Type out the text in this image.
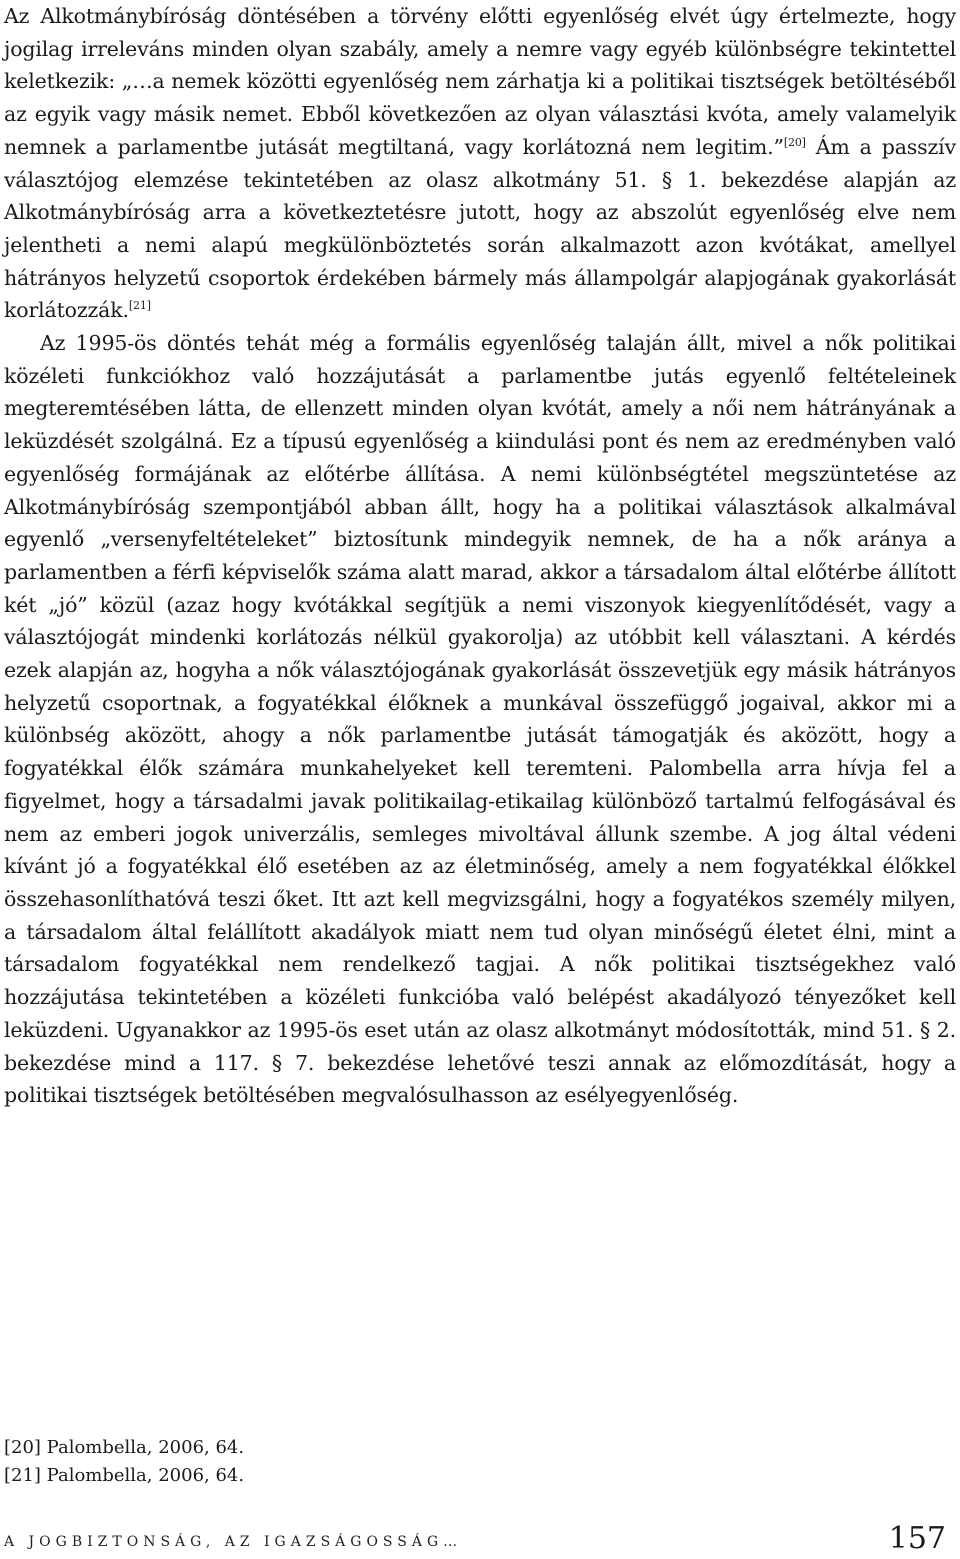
Az Alkotmánybíróság döntésében a törvény előtti egyenlőség elvét úgy értelmezte, hogy jogilag irreleváns minden olyan szabály, amely a nemre vagy egyéb különbségre tekintettel keletkezik: „…a nemek közötti egyenlőség nem zárhatja ki a politikai tisztségek betöltéséből az egyik vagy másik nemet. Ebből következően az olyan választási kvóta, amely valamelyik nemnek a parlamentbe jutását megtiltaná, vagy korlátozná nem legitim.”[20] Ám a passzív választójog elemzése tekintetében az olasz alkotmány 51. § 1. bekezdése alapján az Alkotmánybíróság arra a következtetésre jutott, hogy az abszolút egyenlőség elve nem jelentheti a nemi alapú megkülönböztetés során alkalmazott azon kvótákat, amellyel hátrányos helyzetű csoportok érdekében bármely más állampolgár alapjogának gyakorlását korlátozzák.[21]

Az 1995-ös döntés tehát még a formális egyenlőség talaján állt, mivel a nők politikai közéleti funkciókhoz való hozzájutását a parlamentbe jutás egyenlő feltételeinek megteremtésében látta, de ellenzett minden olyan kvótát, amely a női nem hátrányának a leküzdését szolgálná. Ez a típusú egyenlőség a kiindulási pont és nem az eredményben való egyenlőség formájának az előtérbe állítása. A nemi különbségtétel megszüntetése az Alkotmánybíróság szempontjából abban állt, hogy ha a politikai választások alkalmával egyenlő „versenyfeltételeket” biztosítunk mindegyik nemnek, de ha a nők aránya a parlamentben a férfi képviselők száma alatt marad, akkor a társadalom által előtérbe állított két „jó” közül (azaz hogy kvótákkal segítjük a nemi viszonyok kiegyenlítődését, vagy a választójogát mindenki korlátozás nélkül gyakorolja) az utóbbit kell választani. A kérdés ezek alapján az, hogyha a nők választójogának gyakorlását összevetjük egy másik hátrányos helyzetű csoportnak, a fogyatékkal élőknek a munkával összefüggő jogaival, akkor mi a különbség aközött, ahogy a nők parlamentbe jutását támogatják és aközött, hogy a fogyatékkal élők számára munkahelyeket kell teremteni. Palombella arra hívja fel a figyelmet, hogy a társadalmi javak politikailag-etikailag különböző tartalmú felfogásával és nem az emberi jogok univerzális, semleges mivoltával állunk szembe. A jog által védeni kívánt jó a fogyatékkal élő esetében az az életminőség, amely a nem fogyatékkal élőkkel összehasonlíthatóvá teszi őket. Itt azt kell megvizsgálni, hogy a fogyatékos személy milyen, a társadalom által felállított akadályok miatt nem tud olyan minőségű életet élni, mint a társadalom fogyatékkal nem rendelkező tagjai. A nők politikai tisztségekhez való hozzájutása tekintetében a közéleti funkcióba való belépést akadályozó tényezőket kell leküzdeni. Ugyanakkor az 1995-ös eset után az olasz alkotmányt módosították, mind 51. § 2. bekezdése mind a 117. § 7. bekezdése lehetővé teszi annak az előmozdítását, hogy a politikai tisztségek betöltésében megvalósulhasson az esélyegyenlőség.

[20] Palombella, 2006, 64.

[21] Palombella, 2006, 64.

A JOGBIZTONSÁG, AZ IGAZSÁGOSSÁG…	157
